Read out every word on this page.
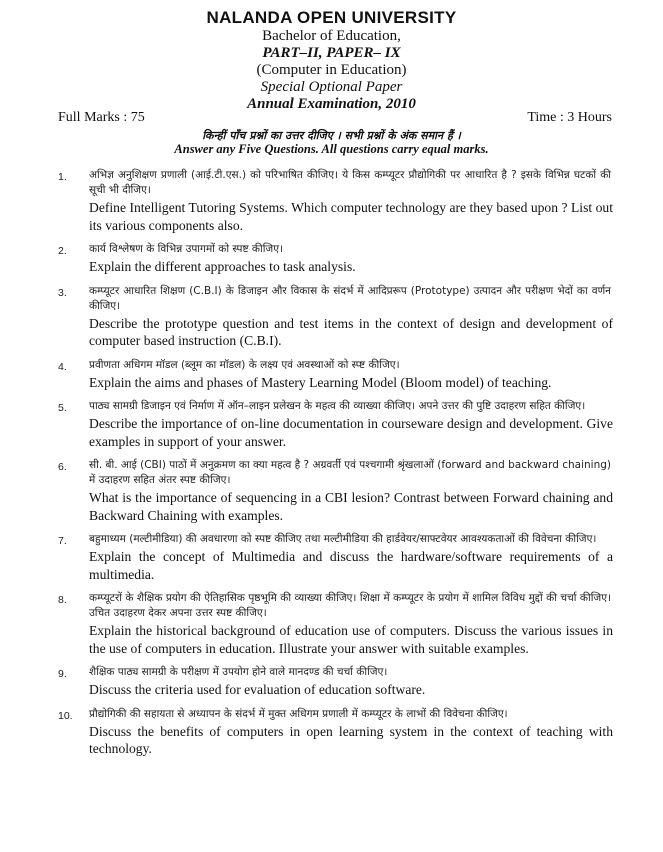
NALANDA OPEN UNIVERSITY
Bachelor of Education,
PART–II, PAPER– IX
(Computer in Education)
Special Optional Paper
Annual Examination, 2010
Full Marks : 75	Time : 3 Hours
किन्हीं पाँच प्रश्नों का उत्तर दीजिए । सभी प्रश्नों के अंक समान हैं ।
Answer any Five Questions. All questions carry equal marks.
1. अभिज्ञ अनुशिक्षण प्रणाली (आई.टी.एस.) को परिभाषित कीजिए। ये किस कम्प्यूटर प्रौद्योगिकी पर आधारित है ? इसके विभिन्न घटकों की सूची भी दीजिए।
Define Intelligent Tutoring Systems. Which computer technology are they based upon ? List out its various components also.
2. कार्य विश्लेषण के विभिन्न उपागमों को स्पष्ट कीजिए।
Explain the different approaches to task analysis.
3. कम्प्यूटर आधारित शिक्षण (C.B.I) के डिजाइन और विकास के संदर्भ में आदिप्ररूप (Prototype) उत्पादन और परीक्षण भेदों का वर्णन कीजिए।
Describe the prototype question and test items in the context of design and development of computer based instruction (C.B.I).
4. प्रवीणता अधिगम मॉडल (ब्लूम का मॉडल) के लक्ष्य एवं अवस्थाओं को स्प्ष्ट कीजिए।
Explain the aims and phases of Mastery Learning Model (Bloom model) of teaching.
5. पाठ्य सामग्री डिजाइन एवं निर्माण में ऑन–लाइन प्रलेखन के महत्व की व्याख्या कीजिए। अपने उत्तर की पुष्टि उदाहरण सहित कीजिए।
Describe the importance of on-line documentation in courseware design and development. Give examples in support of your answer.
6. सी. बी. आई (CBI) पाठों में अनुक्रमण का क्या महत्व है ? अग्रवर्ती एवं पश्चगामी श्रृंखलाओं (forward and backward chaining) में उदाहरण सहित अंतर स्पष्ट कीजिए।
What is the importance of sequencing in a CBI lesion? Contrast between Forward chaining and Backward Chaining with examples.
7. बहुमाध्यम (मल्टीमीडिया) की अवधारणा को स्पष्ट कीजिए तथा मल्टीमीडिया की हार्डवेयर/साफ्टवेयर आवश्यकताओं की विवेचना कीजिए।
Explain the concept of Multimedia and discuss the hardware/software requirements of a multimedia.
8. कम्प्यूटरों के शैक्षिक प्रयोग की ऐतिहासिक पृष्ठभूमि की व्याख्या कीजिए। शिक्षा में कम्प्यूटर के प्रयोग में शामिल विविध मुद्दों की चर्चा कीजिए। उचित उदाहरण देकर अपना उत्तर स्पष्ट कीजिए।
Explain the historical background of education use of computers. Discuss the various issues in the use of computers in education. Illustrate your answer with suitable examples.
9. शैक्षिक पाठ्य सामग्री के परीक्षण में उपयोग होने वाले मानदण्ड की चर्चा कीजिए।
Discuss the criteria used for evaluation of education software.
10. प्रौद्योगिकी की सहायता से अध्यापन के संदर्भ में मुक्त अधिगम प्रणाली में कम्प्यूटर के लाभों की विवेचना कीजिए।
Discuss the benefits of computers in open learning system in the context of teaching with technology.
